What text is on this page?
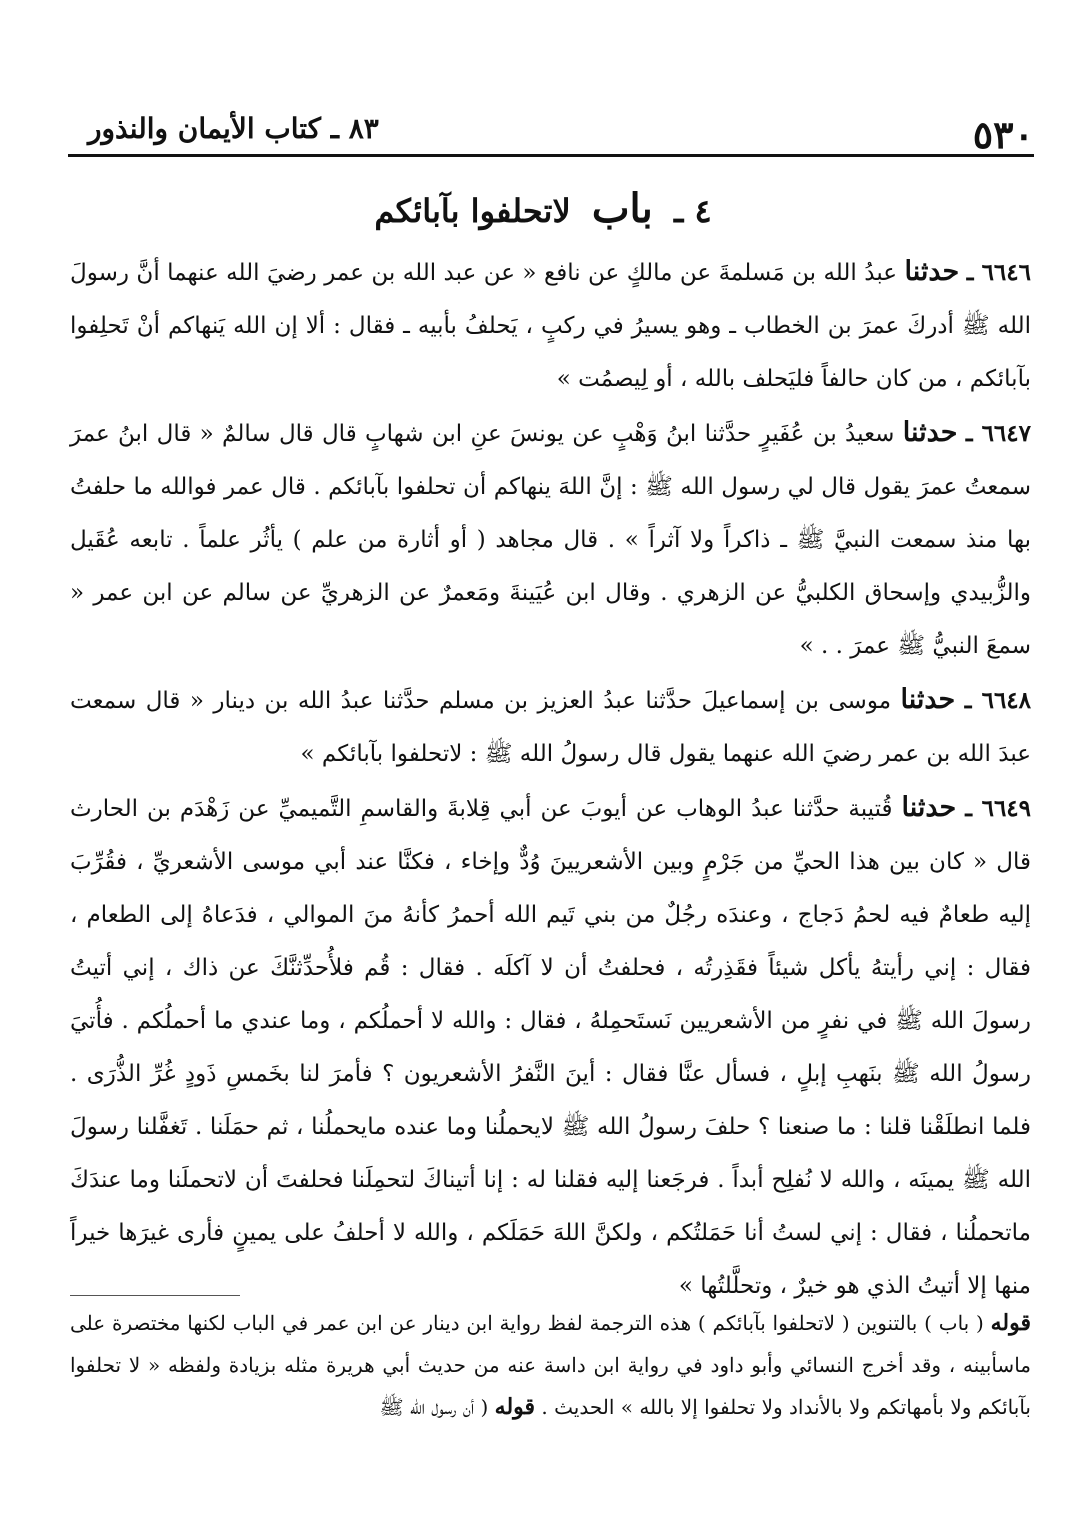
٥٣٠
٨٣ ـ كتاب الأيمان والنذور
٤ ـ باب لاتحلفوا بآبائكم
٦٦٤٦ ـ حدثنا عبدُ الله بن مَسلمةَ عن مالكٍ عن نافع « عن عبد الله بن عمر رضيَ الله عنهما أنَّ رسولَ الله ﷺ أدركَ عمرَ بن الخطاب ـ وهو يسيرُ في ركبٍ ، يَحلفُ بأبيه ـ فقال : ألا إن الله يَنهاكم أنْ تَحلِفوا بآبائكم ، من كان حالفاً فليَحلف بالله ، أو لِيصمُت »
٦٦٤٧ ـ حدثنا سعيدُ بن عُفَيرٍ حدَّثنا ابنُ وَهْبٍ عن يونسَ عنِ ابن شهابٍ قال قال سالمٌ « قال ابنُ عمرَ سمعتُ عمرَ يقول قال لي رسول الله ﷺ : إنَّ اللهَ ينهاكم أن تحلفوا بآبائكم . قال عمر فوالله ما حلفتُ بها منذ سمعت النبيَّ ﷺ ـ ذاكراً ولا آثراً » . قال مجاهد ( أو أثارة من علم ) يأثُر علماً . تابعه عُقَيل والزُّبيدي وإسحاق الكلبيُّ عن الزهري . وقال ابن عُيَينةَ ومَعمرٌ عن الزهريِّ عن سالم عن ابن عمر « سمعَ النبيُّ ﷺ عمرَ . . »
٦٦٤٨ ـ حدثنا موسى بن إسماعيلَ حدَّثنا عبدُ العزيز بن مسلم حدَّثنا عبدُ الله بن دينار « قال سمعت عبدَ الله بن عمر رضيَ الله عنهما يقول قال رسولُ الله ﷺ : لاتحلفوا بآبائكم »
٦٦٤٩ ـ حدثنا قُتيبة حدَّثنا عبدُ الوهاب عن أيوبَ عن أبي قِلابةَ والقاسمِ التَّميميِّ عن زَهْدَم بن الحارث قال « كان بين هذا الحيِّ من جَرْمٍ وبين الأشعريينَ وُدٌّ وإخاء ، فكنَّا عند أبي موسى الأشعريِّ ، فقُرِّبَ إليه طعامٌ فيه لحمُ دَجاج ، وعندَه رجُلٌ من بني تَيم الله أحمرُ كأنهُ منَ الموالي ، فدَعاهُ إلى الطعام ، فقال : إني رأيتهُ يأكل شيئاً فقَذِرتُه ، فحلفتُ أن لا آكلَه . فقال : قُم فلأُحدِّثنَّكَ عن ذاك ، إني أتيتُ رسولَ الله ﷺ في نفرٍ من الأشعريين نَستَحمِلهُ ، فقال : والله لا أحملُكم ، وما عندي ما أحملُكم . فأُتيَ رسولُ الله ﷺ بنَهبِ إبلٍ ، فسأل عنَّا فقال : أينَ النَّفرُ الأشعريون ؟ فأمرَ لنا بخَمسِ ذَودٍ غُرِّ الذُّرَى . فلما انطلَقْنا قلنا : ما صنعنا ؟ حلفَ رسولُ الله ﷺ لايحملُنا وما عنده مايحملُنا ، ثم حمَلَنا . تَغفَّلنا رسولَ الله ﷺ يمينَه ، والله لا نُفلِح أبداً . فرجَعنا إليه فقلنا له : إنا أتيناكَ لتحمِلَنا فحلفتَ أن لاتحملَنا وما عندَكَ ماتحملُنا ، فقال : إني لستُ أنا حَمَلتُكم ، ولكنَّ اللهَ حَمَلَكم ، والله لا أحلفُ على يمينٍ فأرى غيرَها خيراً منها إلا أتيتُ الذي هو خيرٌ ، وتحلَّلتُها »
قوله ( باب ) بالتنوين ( لاتحلفوا بآبائكم ) هذه الترجمة لفظ رواية ابن دينار عن ابن عمر في الباب لكنها مختصرة على ماسأبينه ، وقد أخرج النسائي وأبو داود في رواية ابن داسة عنه من حديث أبي هريرة مثله بزيادة ولفظه « لا تحلفوا بآبائكم ولا بأمهاتكم ولا بالأنداد ولا تحلفوا إلا بالله » الحديث . قوله ( أن رسول الله ﷺ
